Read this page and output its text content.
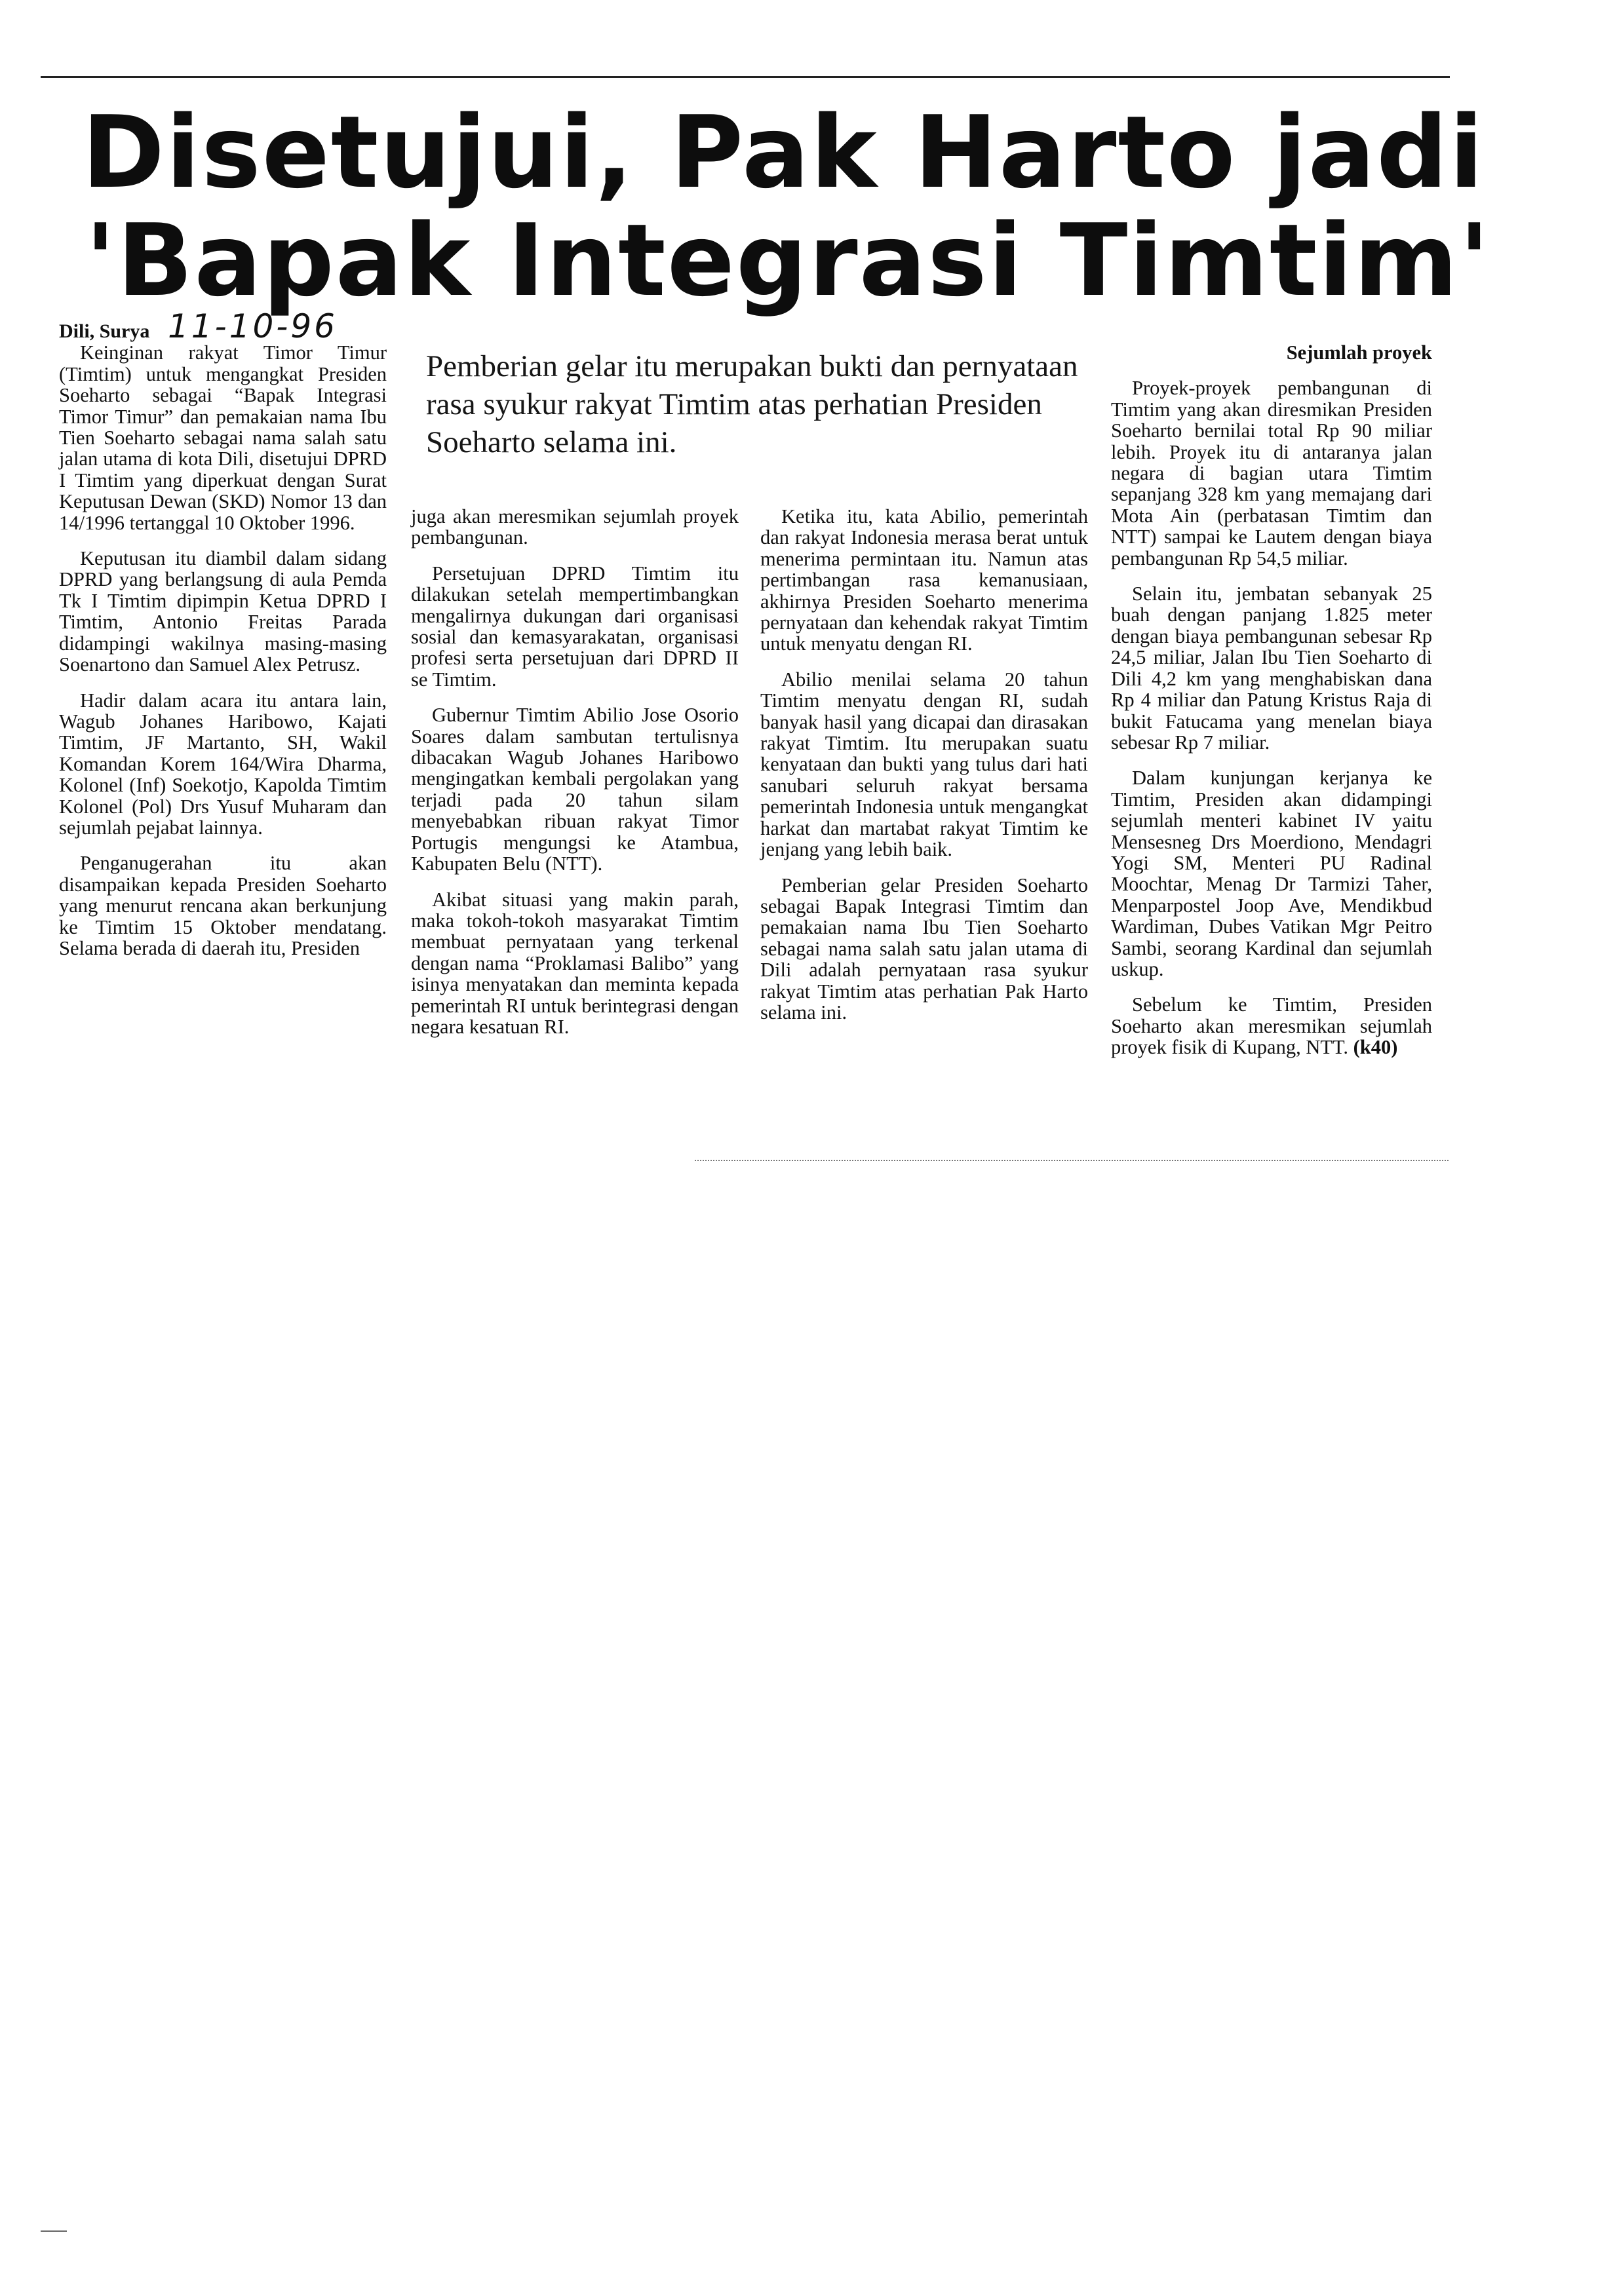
Disetujui, Pak Harto jadi
'Bapak Integrasi Timtim'
Pemberian gelar itu merupakan bukti dan pernyataan rasa syukur rakyat Timtim atas perhatian Presiden Soeharto selama ini.
Dili, Surya 11-10-96

Keinginan rakyat Timor Timur (Timtim) untuk mengangkat Presiden Soeharto sebagai “Bapak Integrasi Timor Timur” dan pemakaian nama Ibu Tien Soeharto sebagai nama salah satu jalan utama di kota Dili, disetujui DPRD I Timtim yang diperkuat dengan Surat Keputusan Dewan (SKD) Nomor 13 dan 14/1996 tertanggal 10 Oktober 1996.

Keputusan itu diambil dalam sidang DPRD yang berlangsung di aula Pemda Tk I Timtim dipimpin Ketua DPRD I Timtim, Antonio Freitas Parada didampingi wakilnya masing-masing Soenartono dan Samuel Alex Petrusz.

Hadir dalam acara itu antara lain, Wagub Johanes Haribowo, Kajati Timtim, JF Martanto, SH, Wakil Komandan Korem 164/Wira Dharma, Kolonel (Inf) Soekotjo, Kapolda Timtim Kolonel (Pol) Drs Yusuf Muharam dan sejumlah pejabat lainnya.

Penganugerahan itu akan disampaikan kepada Presiden Soeharto yang menurut rencana akan berkunjung ke Timtim 15 Oktober mendatang. Selama berada di daerah itu, Presiden

juga akan meresmikan sejumlah proyek pembangunan.

Persetujuan DPRD Timtim itu dilakukan setelah mempertimbangkan mengalirnya dukungan dari organisasi sosial dan kemasyarakatan, organisasi profesi serta persetujuan dari DPRD II se Timtim.

Gubernur Timtim Abilio Jose Osorio Soares dalam sambutan tertulisnya dibacakan Wagub Johanes Haribowo mengingatkan kembali pergolakan yang terjadi pada 20 tahun silam menyebabkan ribuan rakyat Timor Portugis mengungsi ke Atambua, Kabupaten Belu (NTT).

Akibat situasi yang makin parah, maka tokoh-tokoh masyarakat Timtim membuat pernyataan yang terkenal dengan nama “Proklamasi Balibo” yang isinya menyatakan dan meminta kepada pemerintah RI untuk berintegrasi dengan negara kesatuan RI.

Ketika itu, kata Abilio, pemerintah dan rakyat Indonesia merasa berat untuk menerima permintaan itu. Namun atas pertimbangan rasa kemanusiaan, akhirnya Presiden Soeharto menerima pernyataan dan kehendak rakyat Timtim untuk menyatu dengan RI.

Abilio menilai selama 20 tahun Timtim menyatu dengan RI, sudah banyak hasil yang dicapai dan dirasakan rakyat Timtim. Itu merupakan suatu kenyataan dan bukti yang tulus dari hati sanubari seluruh rakyat bersama pemerintah Indonesia untuk mengangkat harkat dan martabat rakyat Timtim ke jenjang yang lebih baik.

Pemberian gelar Presiden Soeharto sebagai Bapak Integrasi Timtim dan pemakaian nama Ibu Tien Soeharto sebagai nama salah satu jalan utama di Dili adalah pernyataan rasa syukur rakyat Timtim atas perhatian Pak Harto selama ini.

Sejumlah proyek

Proyek-proyek pembangunan di Timtim yang akan diresmikan Presiden Soeharto bernilai total Rp 90 miliar lebih. Proyek itu di antaranya jalan negara di bagian utara Timtim sepanjang 328 km yang memajang dari Mota Ain (perbatasan Timtim dan NTT) sampai ke Lautem dengan biaya pembangunan Rp 54,5 miliar.

Selain itu, jembatan sebanyak 25 buah dengan panjang 1.825 meter dengan biaya pembangunan sebesar Rp 24,5 miliar, Jalan Ibu Tien Soeharto di Dili 4,2 km yang menghabiskan dana Rp 4 miliar dan Patung Kristus Raja di bukit Fatucama yang menelan biaya sebesar Rp 7 miliar.

Dalam kunjungan kerjanya ke Timtim, Presiden akan didampingi sejumlah menteri kabinet IV yaitu Mensesneg Drs Moerdiono, Mendagri Yogi SM, Menteri PU Radinal Moochtar, Menag Dr Tarmizi Taher, Menparpostel Joop Ave, Mendikbud Wardiman, Dubes Vatikan Mgr Peitro Sambi, seorang Kardinal dan sejumlah uskup.

Sebelum ke Timtim, Presiden Soeharto akan meresmikan sejumlah proyek fisik di Kupang, NTT. (k40)
